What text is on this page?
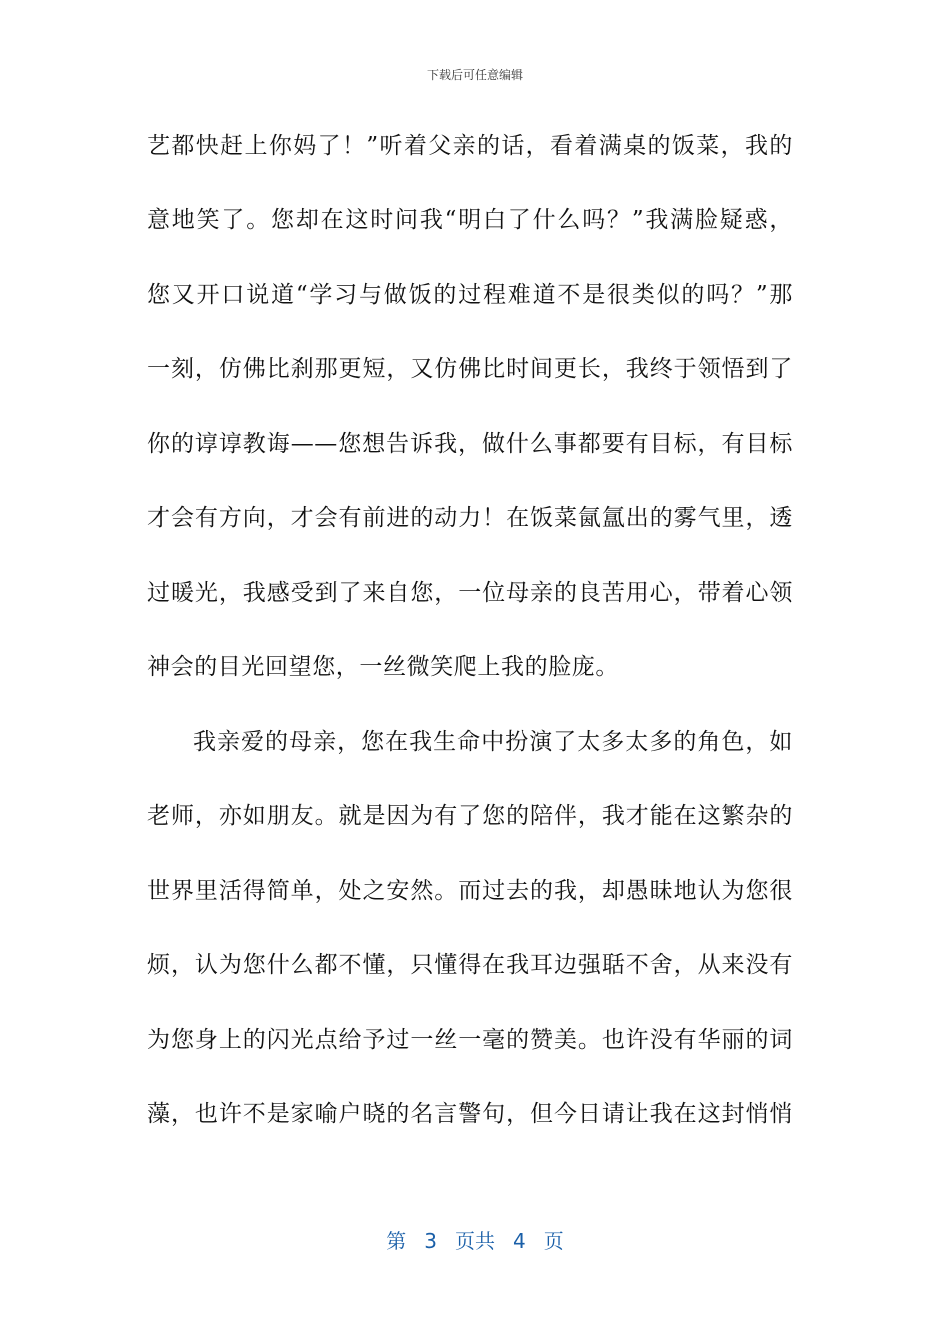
下载后可任意编辑
艺都快赶上你妈了！”听着父亲的话，看着满桌的饭菜，我的
意地笑了。您却在这时问我“明白了什么吗？”我满脸疑惑，
您又开口说道“学习与做饭的过程难道不是很类似的吗？”那
一刻，仿佛比刹那更短，又仿佛比时间更长，我终于领悟到了
你的谆谆教诲——您想告诉我，做什么事都要有目标，有目标
才会有方向，才会有前进的动力！在饭菜氤氲出的雾气里，透
过暖光，我感受到了来自您，一位母亲的良苦用心，带着心领
神会的目光回望您，一丝微笑爬上我的脸庞。
我亲爱的母亲，您在我生命中扮演了太多太多的角色，如
老师，亦如朋友。就是因为有了您的陪伴，我才能在这繁杂的
世界里活得简单，处之安然。而过去的我，却愚昧地认为您很
烦，认为您什么都不懂，只懂得在我耳边强聒不舍，从来没有
为您身上的闪光点给予过一丝一毫的赞美。也许没有华丽的词
藻，也许不是家喻户晓的名言警句，但今日请让我在这封悄悄
第 3 页共 4 页
